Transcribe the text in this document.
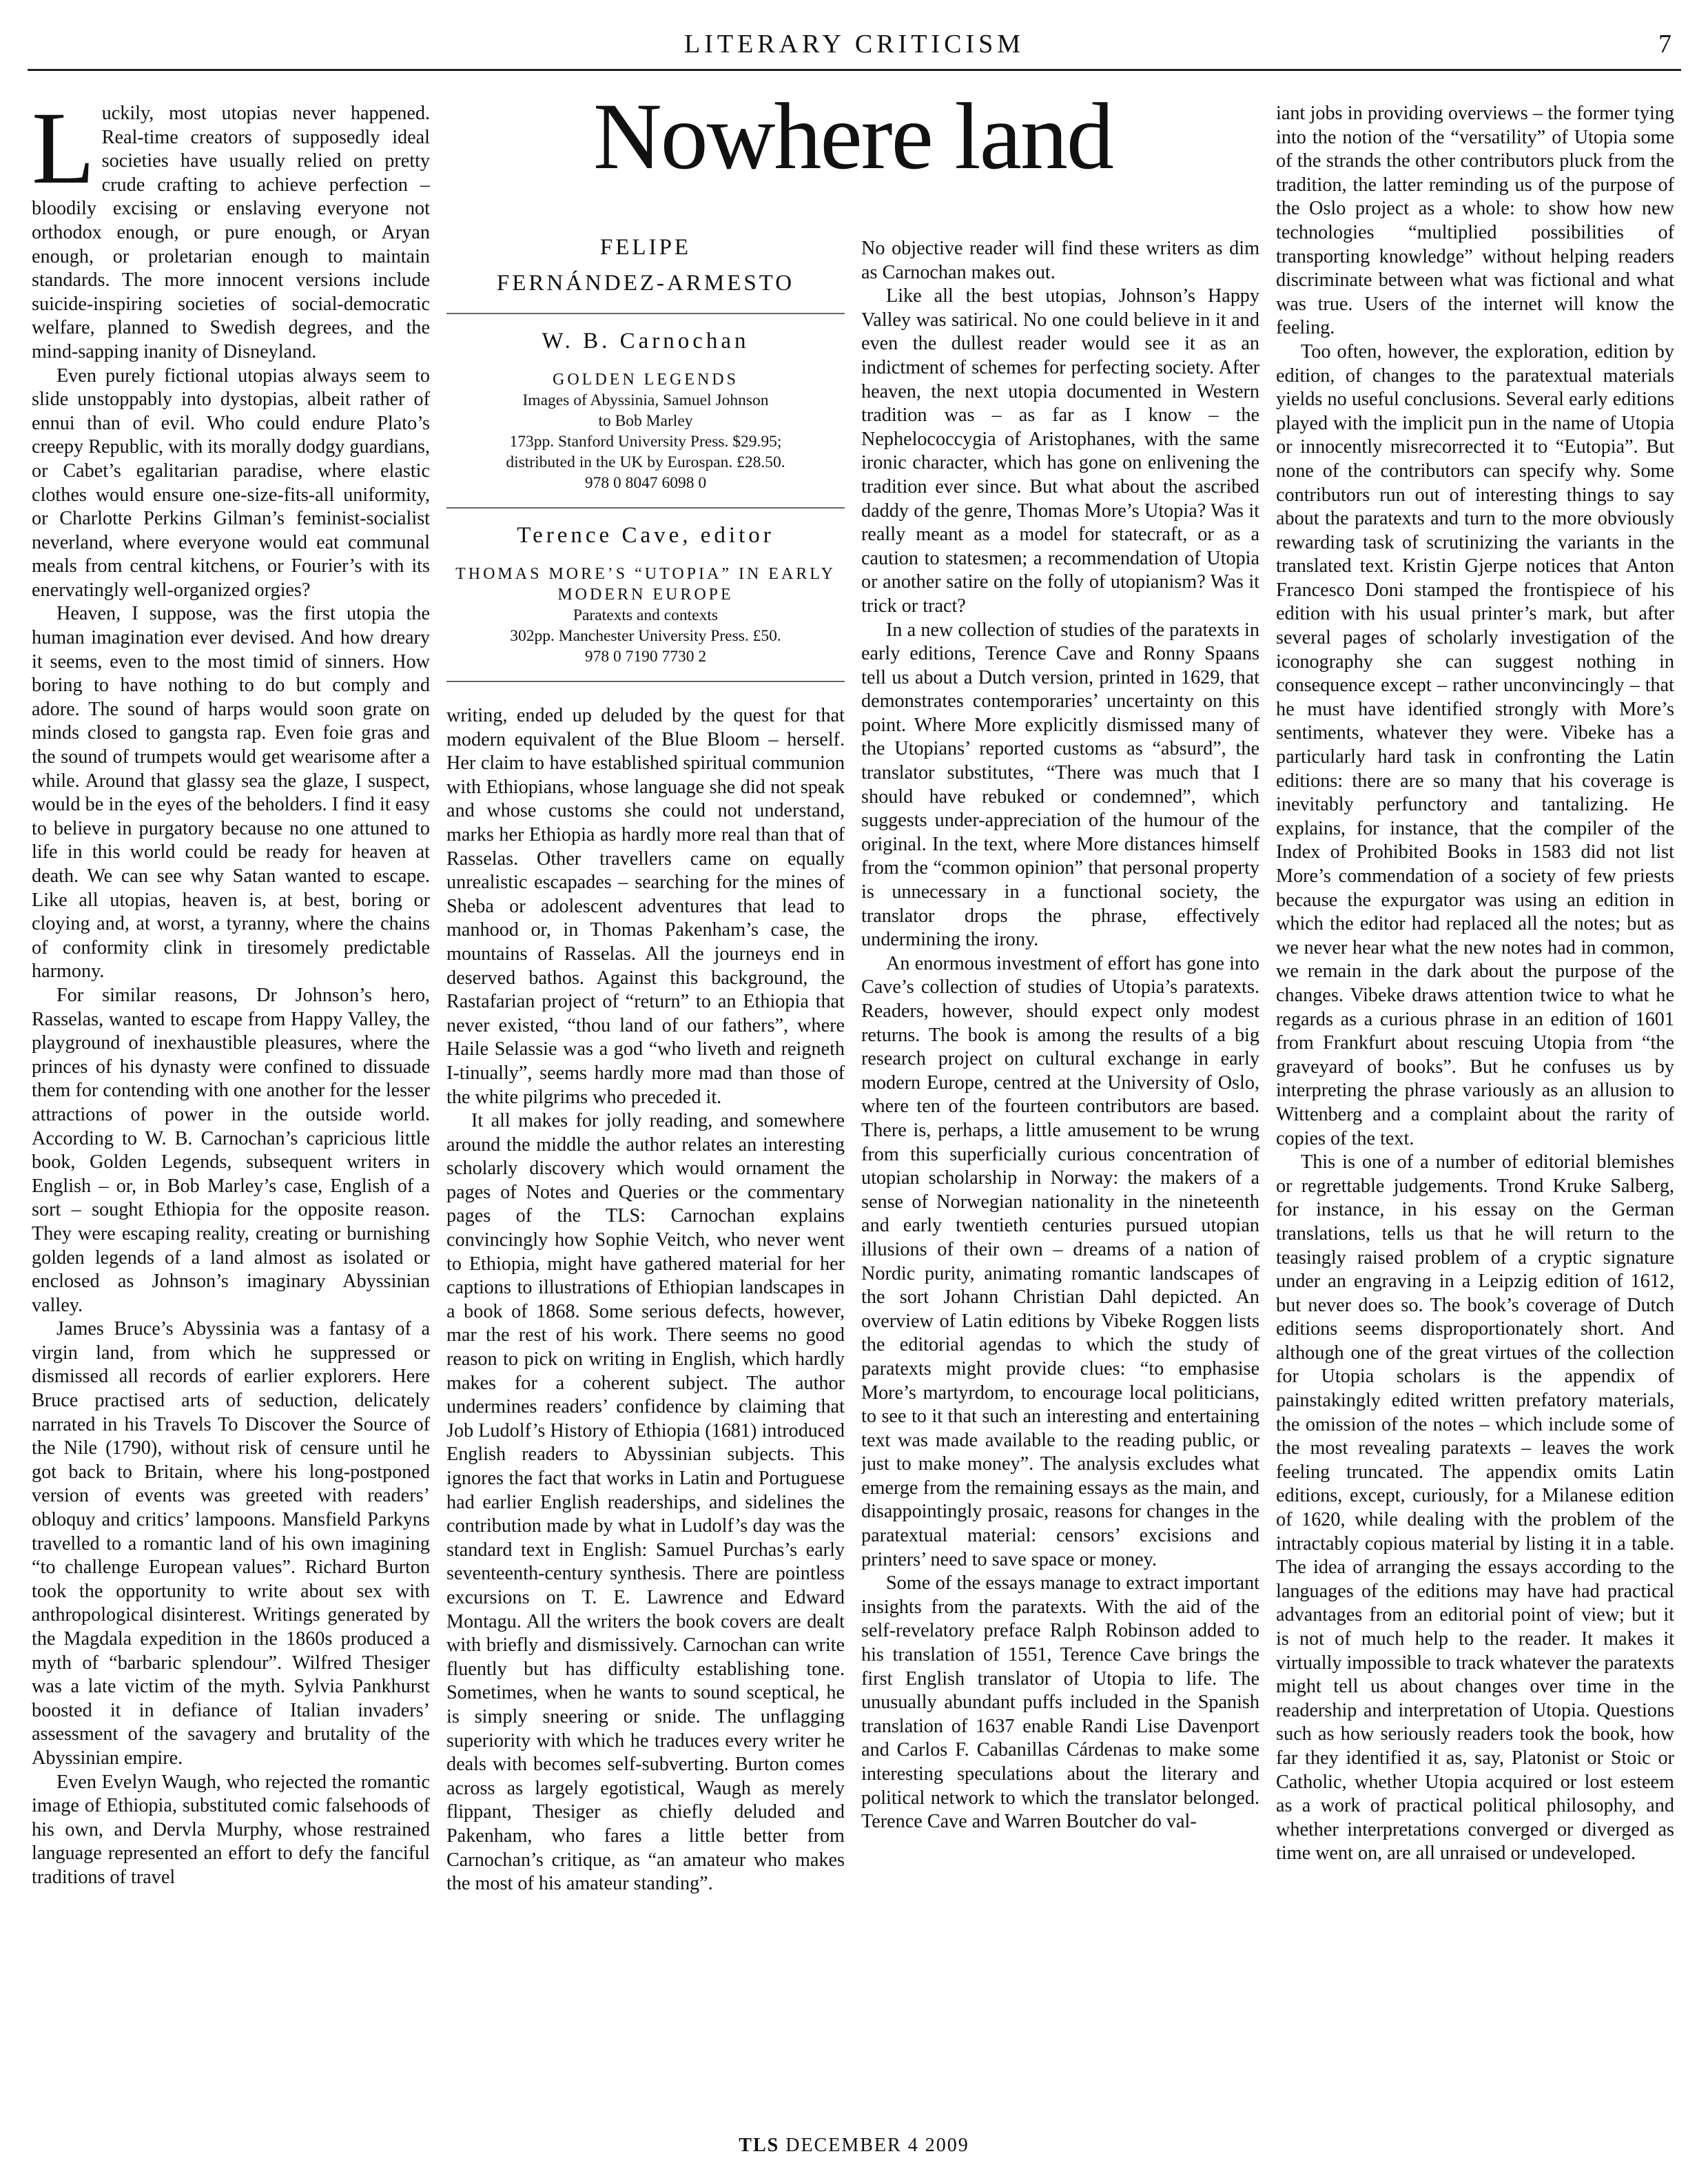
LITERARY CRITICISM	7
Nowhere land
FELIPE
FERNÁNDEZ-ARMESTO
W. B. Carnochan
GOLDEN LEGENDS
Images of Abyssinia, Samuel Johnson
to Bob Marley
173pp. Stanford University Press. $29.95;
distributed in the UK by Eurospan. £28.50.
978 0 8047 6098 0
Terence Cave, editor
THOMAS MORE’S “UTOPIA” IN EARLY MODERN EUROPE
Paratexts and contexts
302pp. Manchester University Press. £50.
978 0 7190 7730 2

Luckily, most utopias never happened. Real-time creators of supposedly ideal societies have usually relied on pretty crude crafting to achieve perfection – bloodily excising or enslaving everyone not orthodox enough, or pure enough, or Aryan enough, or proletarian enough to maintain standards. The more innocent versions include suicide-inspiring societies of social-democratic welfare, planned to Swedish degrees, and the mind-sapping inanity of Disneyland.

Even purely fictional utopias always seem to slide unstoppably into dystopias, albeit rather of ennui than of evil. Who could endure Plato’s creepy Republic, with its morally dodgy guardians, or Cabet’s egalitarian paradise, where elastic clothes would ensure one-size-fits-all uniformity, or Charlotte Perkins Gilman’s feminist-socialist neverland, where everyone would eat communal meals from central kitchens, or Fourier’s with its enervatingly well-organized orgies?

Heaven, I suppose, was the first utopia the human imagination ever devised. And how dreary it seems, even to the most timid of sinners. How boring to have nothing to do but comply and adore. The sound of harps would soon grate on minds closed to gangsta rap. Even foie gras and the sound of trumpets would get wearisome after a while. Around that glassy sea the glaze, I suspect, would be in the eyes of the beholders. I find it easy to believe in purgatory because no one attuned to life in this world could be ready for heaven at death. We can see why Satan wanted to escape. Like all utopias, heaven is, at best, boring or cloying and, at worst, a tyranny, where the chains of conformity clink in tiresomely predictable harmony.

For similar reasons, Dr Johnson’s hero, Rasselas, wanted to escape from Happy Valley, the playground of inexhaustible pleasures, where the princes of his dynasty were confined to dissuade them for contending with one another for the lesser attractions of power in the outside world. According to W. B. Carnochan’s capricious little book, Golden Legends, subsequent writers in English – or, in Bob Marley’s case, English of a sort – sought Ethiopia for the opposite reason. They were escaping reality, creating or burnishing golden legends of a land almost as isolated or enclosed as Johnson’s imaginary Abyssinian valley.

James Bruce’s Abyssinia was a fantasy of a virgin land, from which he suppressed or dismissed all records of earlier explorers. Here Bruce practised arts of seduction, delicately narrated in his Travels To Discover the Source of the Nile (1790), without risk of censure until he got back to Britain, where his long-postponed version of events was greeted with readers’ obloquy and critics’ lampoons. Mansfield Parkyns travelled to a romantic land of his own imagining “to challenge European values”. Richard Burton took the opportunity to write about sex with anthropological disinterest. Writings generated by the Magdala expedition in the 1860s produced a myth of “barbaric splendour”. Wilfred Thesiger was a late victim of the myth. Sylvia Pankhurst boosted it in defiance of Italian invaders’ assessment of the savagery and brutality of the Abyssinian empire.

Even Evelyn Waugh, who rejected the romantic image of Ethiopia, substituted comic falsehoods of his own, and Dervla Murphy, whose restrained language represented an effort to defy the fanciful traditions of travel

writing, ended up deluded by the quest for that modern equivalent of the Blue Bloom – herself. Her claim to have established spiritual communion with Ethiopians, whose language she did not speak and whose customs she could not understand, marks her Ethiopia as hardly more real than that of Rasselas. Other travellers came on equally unrealistic escapades – searching for the mines of Sheba or adolescent adventures that lead to manhood or, in Thomas Pakenham’s case, the mountains of Rasselas. All the journeys end in deserved bathos. Against this background, the Rastafarian project of “return” to an Ethiopia that never existed, “thou land of our fathers”, where Haile Selassie was a god “who liveth and reigneth I-tinually”, seems hardly more mad than those of the white pilgrims who preceded it.

It all makes for jolly reading, and somewhere around the middle the author relates an interesting scholarly discovery which would ornament the pages of Notes and Queries or the commentary pages of the TLS: Carnochan explains convincingly how Sophie Veitch, who never went to Ethiopia, might have gathered material for her captions to illustrations of Ethiopian landscapes in a book of 1868. Some serious defects, however, mar the rest of his work. There seems no good reason to pick on writing in English, which hardly makes for a coherent subject. The author undermines readers’ confidence by claiming that Job Ludolf’s History of Ethiopia (1681) introduced English readers to Abyssinian subjects. This ignores the fact that works in Latin and Portuguese had earlier English readerships, and sidelines the contribution made by what in Ludolf’s day was the standard text in English: Samuel Purchas’s early seventeenth-century synthesis. There are pointless excursions on T. E. Lawrence and Edward Montagu. All the writers the book covers are dealt with briefly and dismissively. Carnochan can write fluently but has difficulty establishing tone. Sometimes, when he wants to sound sceptical, he is simply sneering or snide. The unflagging superiority with which he traduces every writer he deals with becomes self-subverting. Burton comes across as largely egotistical, Waugh as merely flippant, Thesiger as chiefly deluded and Pakenham, who fares a little better from Carnochan’s critique, as “an amateur who makes the most of his amateur standing”.

No objective reader will find these writers as dim as Carnochan makes out.

Like all the best utopias, Johnson’s Happy Valley was satirical. No one could believe in it and even the dullest reader would see it as an indictment of schemes for perfecting society. After heaven, the next utopia documented in Western tradition was – as far as I know – the Nephelococcygia of Aristophanes, with the same ironic character, which has gone on enlivening the tradition ever since. But what about the ascribed daddy of the genre, Thomas More’s Utopia? Was it really meant as a model for statecraft, or as a caution to statesmen; a recommendation of Utopia or another satire on the folly of utopianism? Was it trick or tract?

In a new collection of studies of the paratexts in early editions, Terence Cave and Ronny Spaans tell us about a Dutch version, printed in 1629, that demonstrates contemporaries’ uncertainty on this point. Where More explicitly dismissed many of the Utopians’ reported customs as “absurd”, the translator substitutes, “There was much that I should have rebuked or condemned”, which suggests under-appreciation of the humour of the original. In the text, where More distances himself from the “common opinion” that personal property is unnecessary in a functional society, the translator drops the phrase, effectively undermining the irony.

An enormous investment of effort has gone into Cave’s collection of studies of Utopia’s paratexts. Readers, however, should expect only modest returns. The book is among the results of a big research project on cultural exchange in early modern Europe, centred at the University of Oslo, where ten of the fourteen contributors are based. There is, perhaps, a little amusement to be wrung from this superficially curious concentration of utopian scholarship in Norway: the makers of a sense of Norwegian nationality in the nineteenth and early twentieth centuries pursued utopian illusions of their own – dreams of a nation of Nordic purity, animating romantic landscapes of the sort Johann Christian Dahl depicted. An overview of Latin editions by Vibeke Roggen lists the editorial agendas to which the study of paratexts might provide clues: “to emphasise More’s martyrdom, to encourage local politicians, to see to it that such an interesting and entertaining text was made available to the reading public, or just to make money”. The analysis excludes what emerge from the remaining essays as the main, and disappointingly prosaic, reasons for changes in the paratextual material: censors’ excisions and printers’ need to save space or money.

Some of the essays manage to extract important insights from the paratexts. With the aid of the self-revelatory preface Ralph Robinson added to his translation of 1551, Terence Cave brings the first English translator of Utopia to life. The unusually abundant puffs included in the Spanish translation of 1637 enable Randi Lise Davenport and Carlos F. Cabanillas Cárdenas to make some interesting speculations about the literary and political network to which the translator belonged. Terence Cave and Warren Boutcher do val-

iant jobs in providing overviews – the former tying into the notion of the “versatility” of Utopia some of the strands the other contributors pluck from the tradition, the latter reminding us of the purpose of the Oslo project as a whole: to show how new technologies “multiplied possibilities of transporting knowledge” without helping readers discriminate between what was fictional and what was true. Users of the internet will know the feeling.

Too often, however, the exploration, edition by edition, of changes to the paratextual materials yields no useful conclusions. Several early editions played with the implicit pun in the name of Utopia or innocently misrecorrected it to “Eutopia”. But none of the contributors can specify why. Some contributors run out of interesting things to say about the paratexts and turn to the more obviously rewarding task of scrutinizing the variants in the translated text. Kristin Gjerpe notices that Anton Francesco Doni stamped the frontispiece of his edition with his usual printer’s mark, but after several pages of scholarly investigation of the iconography she can suggest nothing in consequence except – rather unconvincingly – that he must have identified strongly with More’s sentiments, whatever they were. Vibeke has a particularly hard task in confronting the Latin editions: there are so many that his coverage is inevitably perfunctory and tantalizing. He explains, for instance, that the compiler of the Index of Prohibited Books in 1583 did not list More’s commendation of a society of few priests because the expurgator was using an edition in which the editor had replaced all the notes; but as we never hear what the new notes had in common, we remain in the dark about the purpose of the changes. Vibeke draws attention twice to what he regards as a curious phrase in an edition of 1601 from Frankfurt about rescuing Utopia from “the graveyard of books”. But he confuses us by interpreting the phrase variously as an allusion to Wittenberg and a complaint about the rarity of copies of the text.

This is one of a number of editorial blemishes or regrettable judgements. Trond Kruke Salberg, for instance, in his essay on the German translations, tells us that he will return to the teasingly raised problem of a cryptic signature under an engraving in a Leipzig edition of 1612, but never does so. The book’s coverage of Dutch editions seems disproportionately short. And although one of the great virtues of the collection for Utopia scholars is the appendix of painstakingly edited written prefatory materials, the omission of the notes – which include some of the most revealing paratexts – leaves the work feeling truncated. The appendix omits Latin editions, except, curiously, for a Milanese edition of 1620, while dealing with the problem of the intractably copious material by listing it in a table. The idea of arranging the essays according to the languages of the editions may have had practical advantages from an editorial point of view; but it is not of much help to the reader. It makes it virtually impossible to track whatever the paratexts might tell us about changes over time in the readership and interpretation of Utopia. Questions such as how seriously readers took the book, how far they identified it as, say, Platonist or Stoic or Catholic, whether Utopia acquired or lost esteem as a work of practical political philosophy, and whether interpretations converged or diverged as time went on, are all unraised or undeveloped.

TLS DECEMBER 4 2009
